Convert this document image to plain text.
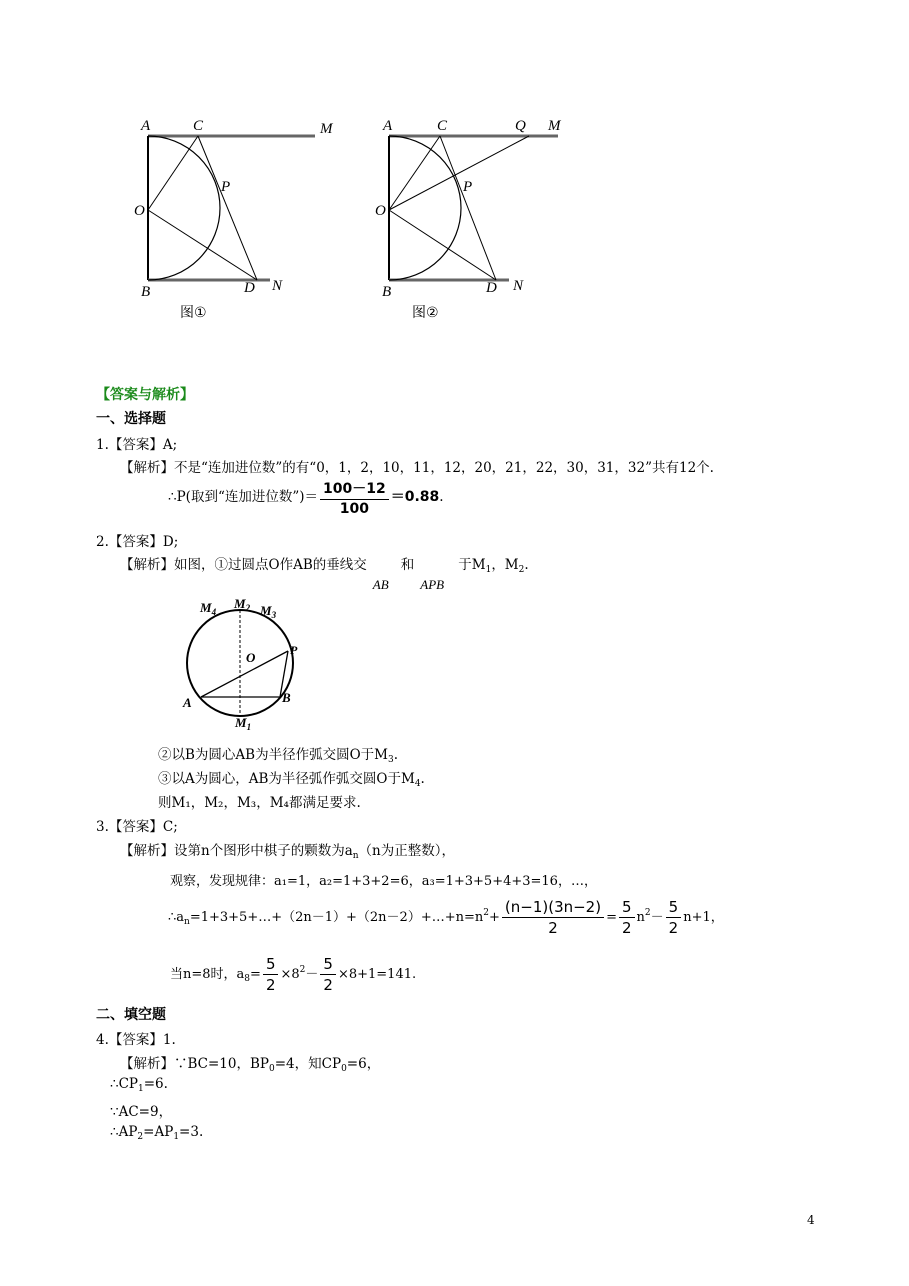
A	C	M
P
O
B	D N
图①
A	C	Q M
P
O
B	D N
图②
【答案与解析】
一、选择题
1.【答案】A;
【解析】不是“连加进位数”的有“0，1，2，10，11，12，20，21，22，30，31，32”共有12个.
∴P(取到“连加进位数”)＝ $\frac{100-12}{100} =0.88$.
2.【答案】D;
【解析】如图，①过圆点O作AB的垂线交
AB
和
APB
于$M_1$，$M_2$.
$M_4$
$M_2$ $M_3$
O	P
A	B
$M_1$
②以B为圆心AB为半径作弧交圆O于$M_3$.
③以A为圆心，AB为半径弧作弧交圆O于$M_4$.
则M₁，M₂，M₃，M₄都满足要求.
3.【答案】C;
【解析】设第n个图形中棋子的颗数为$a_n(n$为正整数），
观察，发现规律：a₁=1，a₂=1+3+2=6，a₃=1+3+5+4+3=16，…，
$\therefore a_n=1+3+5+\dots+(2n-1)+(2n-2)+\dots+n=n^2+ \frac{(n-1)(3n-2)}{2} = \frac{5}{2} n^2- \frac{5}{2} n+1$，
当n=8时，$a_8= \frac{5}{2} \times 8^2- \frac{5}{2} \times 8+1=141$.
二、填空题
4.【答案】1.
【解析】∵BC=10，$BP_0=4$，知$CP_0=6$，
$\therefore CP_1=6$.
∵AC=9，
$\therefore AP_2=AP_1=3$.
4
